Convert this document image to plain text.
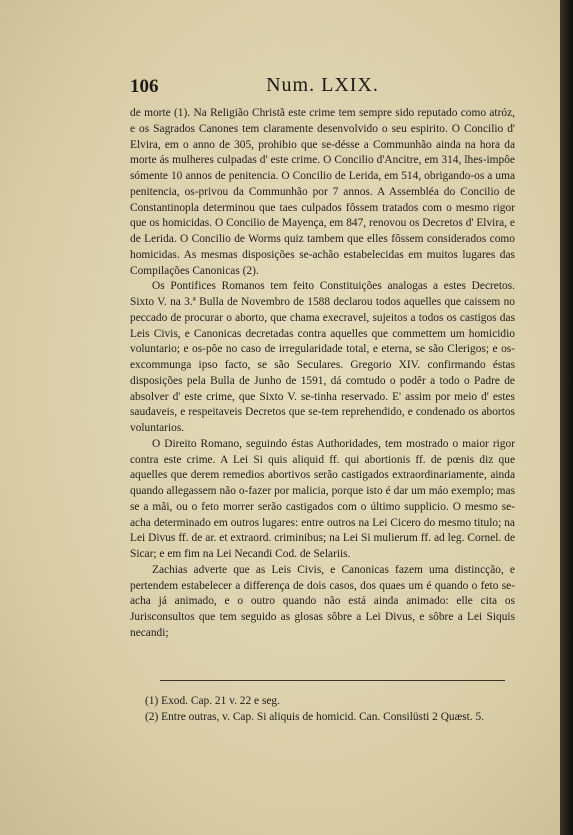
106	Num. LXIX.

de morte (1). Na Religião Christã este crime tem sempre sido reputado como atróz, e os Sagrados Canones tem claramente desenvolvido o seu espirito. O Concilio d' Elvira, em o anno de 305, prohibio que se-désse a Communhão ainda na hora da morte ás mulheres culpadas d' este crime. O Concilio d'Ancitre, em 314, lhes-impôe sómente 10 annos de penitencia. O Concilio de Lerida, em 514, obrigando-os a uma penitencia, os-privou da Communhão por 7 annos. A Assembléa do Concilio de Constantinopla determinou que taes culpados fôssem tratados com o mesmo rigor que os homicidas. O Concilio de Mayença, em 847, renovou os Decretos d' Elvira, e de Lerida. O Concilio de Worms quiz tambem que elles fôssem considerados como homicidas. As mesmas disposições se-achão estabelecidas em muitos lugares das Compilações Canonicas (2).

Os Pontifices Romanos tem feito Constituições analogas a estes Decretos. Sixto V. na 3.ª Bulla de Novembro de 1588 declarou todos aquelles que caissem no peccado de procurar o aborto, que chama execravel, sujeitos a todos os castigos das Leis Civis, e Canonicas decretadas contra aquelles que commettem um homicidio voluntario; e os-pôe no caso de irregularidade total, e eterna, se são Clerigos; e os-excommunga ipso facto, se são Seculares. Gregorio XIV. confirmando éstas disposições pela Bulla de Junho de 1591, dá comtudo o podêr a todo o Padre de absolver d' este crime, que Sixto V. se-tinha reservado. E' assim por meio d' estes saudaveis, e respeitaveis Decretos que se-tem reprehendido, e condenado os abortos voluntarios.

O Direito Romano, seguindo éstas Authoridades, tem mostrado o maior rigor contra este crime. A Lei Si quis aliquid ff. qui abortionis ff. de pœnis diz que aquelles que derem remedios abortivos serão castigados extraordinariamente, ainda quando allegassem não o-fazer por malicia, porque isto é dar um máo exemplo; mas se a mãi, ou o feto morrer serão castigados com o último supplicio. O mesmo se-acha determinado em outros lugares: entre outros na Lei Cicero do mesmo titulo; na Lei Divus ff. de ar. et extraord. criminibus; na Lei Si mulierum ff. ad leg. Cornel. de Sicar; e em fim na Lei Necandi Cod. de Selariis.

Zachias adverte que as Leis Civis, e Canonicas fazem uma distincção, e pertendem estabelecer a differença de dois casos, dos quaes um é quando o feto se-acha já animado, e o outro quando não está ainda animado: elle cita os Jurisconsultos que tem seguido as glosas sôbre a Lei Divus, e sôbre a Lei Siquis necandi;

(1) Exod. Cap. 21 v. 22 e seg.

(2) Entre outras, v. Cap. Si aliquis de homicid. Can. Consilüsti 2 Quæst. 5.
